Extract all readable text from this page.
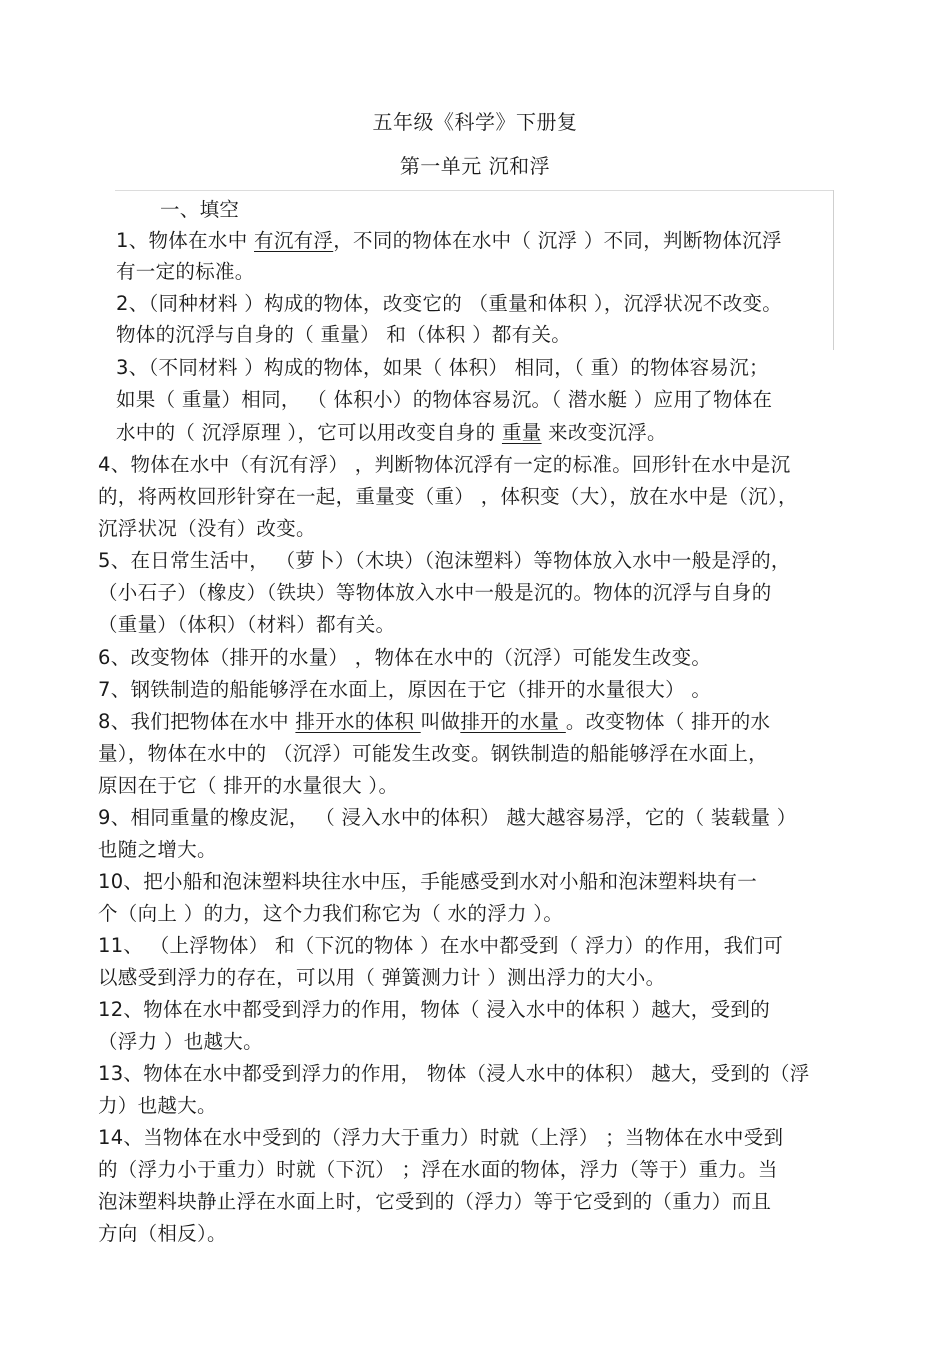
五年级《科学》下册复
第一单元 沉和浮
一、填空
1、物体在水中 有沉有浮，不同的物体在水中（ 沉浮 ）不同，判断物体沉浮
有一定的标准。
2、（同种材料 ）构成的物体，改变它的 （重量和体积 ），沉浮状况不改变。
物体的沉浮与自身的（ 重量） 和（体积 ）都有关。
3、（不同材料 ）构成的物体，如果（ 体积） 相同，（ 重）的物体容易沉；
如果（ 重量）相同， （ 体积小）的物体容易沉。（ 潜水艇 ）应用了物体在
水中的（ 沉浮原理 ），它可以用改变自身的 重量 来改变沉浮。
4、物体在水中（有沉有浮） ，判断物体沉浮有一定的标准。回形针在水中是沉
的，将两枚回形针穿在一起，重量变（重） ，体积变（大），放在水中是（沉），
沉浮状况（没有）改变。
5、在日常生活中， （萝卜）（木块）（泡沫塑料）等物体放入水中一般是浮的，
（小石子）（橡皮）（铁块）等物体放入水中一般是沉的。物体的沉浮与自身的
（重量）（体积）（材料）都有关。
6、改变物体（排开的水量） ，物体在水中的（沉浮）可能发生改变。
7、钢铁制造的船能够浮在水面上，原因在于它（排开的水量很大） 。
8、我们把物体在水中 排开水的体积 叫做排开的水量 。改变物体（ 排开的水
量），物体在水中的 （沉浮）可能发生改变。钢铁制造的船能够浮在水面上，
原因在于它（ 排开的水量很大 ）。
9、相同重量的橡皮泥， （ 浸入水中的体积） 越大越容易浮，它的（ 装载量 ）
也随之增大。
10、把小船和泡沫塑料块往水中压，手能感受到水对小船和泡沫塑料块有一
个（向上 ）的力，这个力我们称它为（ 水的浮力 ）。
11、 （上浮物体） 和（下沉的物体 ）在水中都受到（ 浮力）的作用，我们可
以感受到浮力的存在，可以用（ 弹簧测力计 ）测出浮力的大小。
12、物体在水中都受到浮力的作用，物体（ 浸入水中的体积 ）越大，受到的
（浮力 ）也越大。
13、物体在水中都受到浮力的作用， 物体（浸人水中的体积） 越大，受到的（浮
力）也越大。
14、当物体在水中受到的（浮力大于重力）时就（上浮） ；当物体在水中受到
的（浮力小于重力）时就（下沉） ；浮在水面的物体，浮力（等于）重力。当
泡沫塑料块静止浮在水面上时，它受到的（浮力）等于它受到的（重力）而且
方向（相反）。
